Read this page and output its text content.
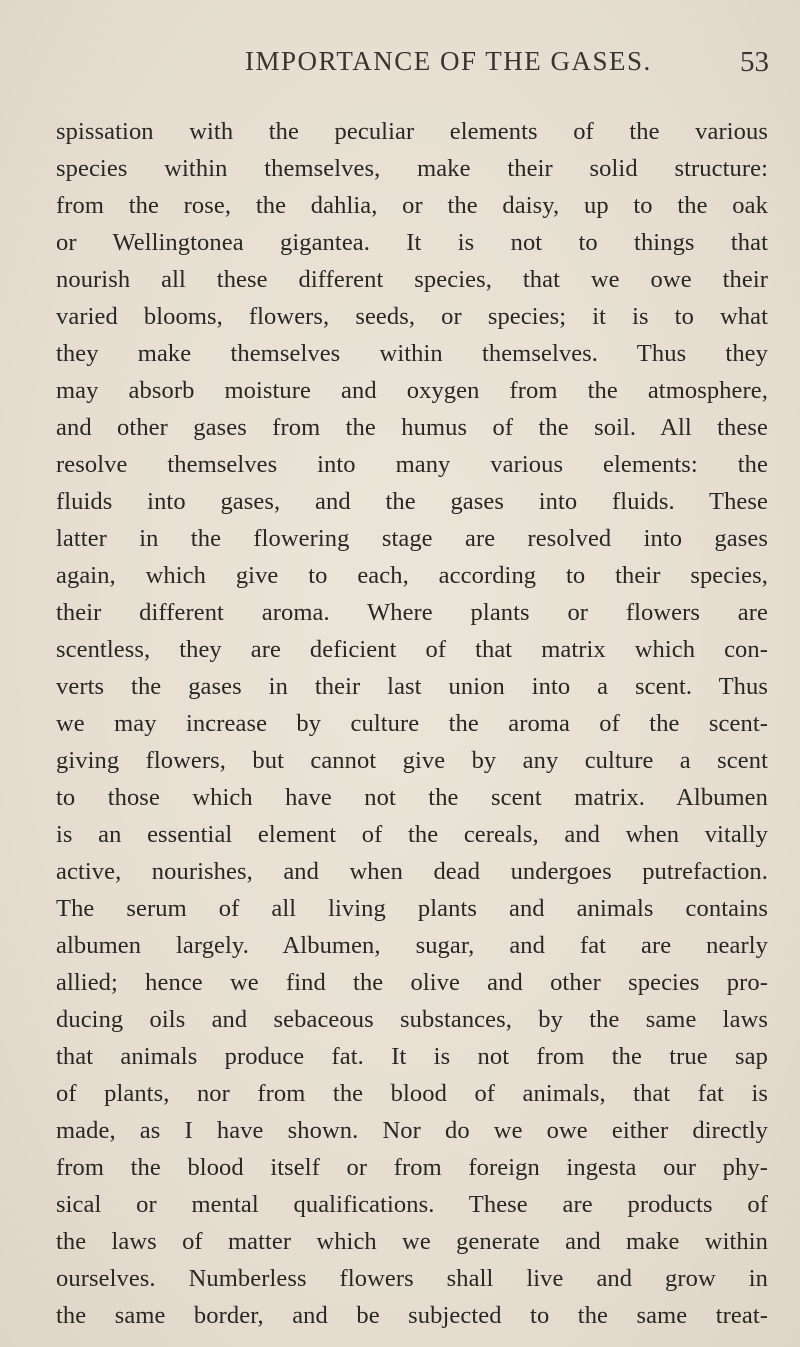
IMPORTANCE OF THE GASES.	53
spissation with the peculiar elements of the various
species within themselves, make their solid structure:
from the rose, the dahlia, or the daisy, up to the oak
or Wellingtonea gigantea. It is not to things that
nourish all these different species, that we owe their
varied blooms, flowers, seeds, or species; it is to what
they make themselves within themselves. Thus they
may absorb moisture and oxygen from the atmosphere,
and other gases from the humus of the soil. All these
resolve themselves into many various elements: the
fluids into gases, and the gases into fluids. These
latter in the flowering stage are resolved into gases
again, which give to each, according to their species,
their different aroma. Where plants or flowers are
scentless, they are deficient of that matrix which con-
verts the gases in their last union into a scent. Thus
we may increase by culture the aroma of the scent-
giving flowers, but cannot give by any culture a scent
to those which have not the scent matrix. Albumen
is an essential element of the cereals, and when vitally
active, nourishes, and when dead undergoes putrefaction.
The serum of all living plants and animals contains
albumen largely. Albumen, sugar, and fat are nearly
allied; hence we find the olive and other species pro-
ducing oils and sebaceous substances, by the same laws
that animals produce fat. It is not from the true sap
of plants, nor from the blood of animals, that fat is
made, as I have shown. Nor do we owe either directly
from the blood itself or from foreign ingesta our phy-
sical or mental qualifications. These are products of
the laws of matter which we generate and make within
ourselves. Numberless flowers shall live and grow in
the same border, and be subjected to the same treat-
